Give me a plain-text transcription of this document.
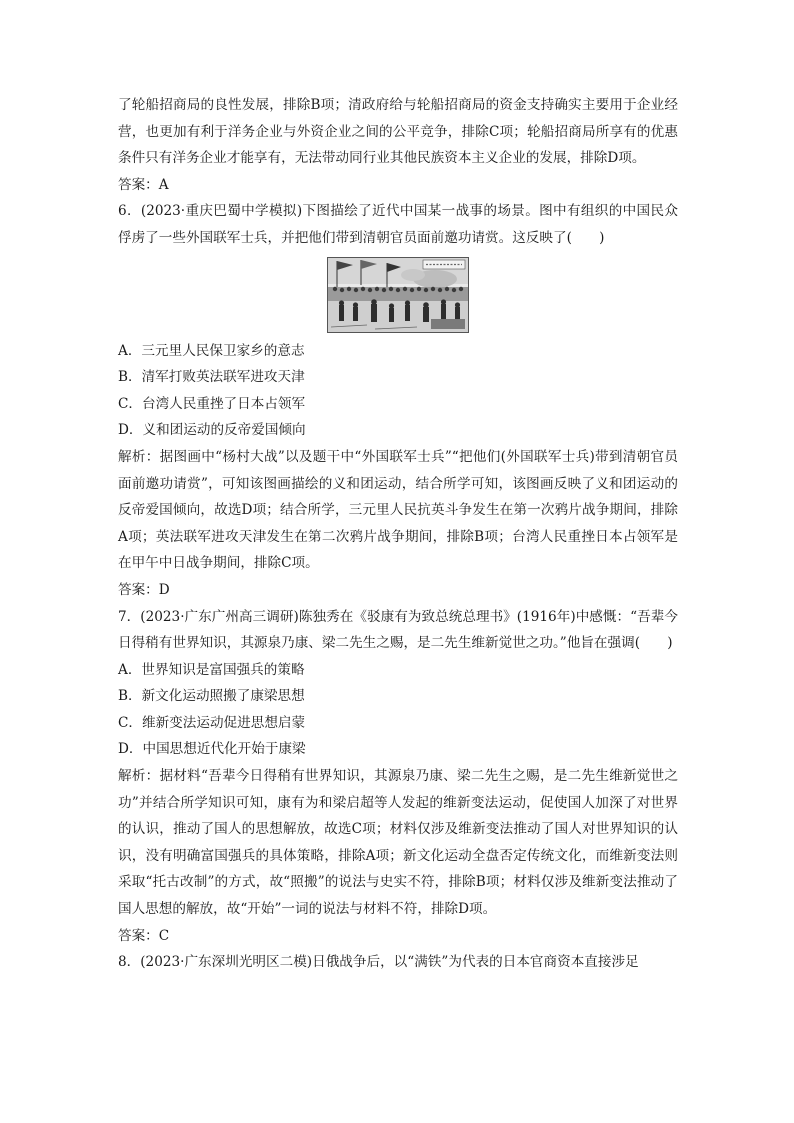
了轮船招商局的良性发展，排除B项；清政府给与轮船招商局的资金支持确实主要用于企业经营，也更加有利于洋务企业与外资企业之间的公平竞争，排除C项；轮船招商局所享有的优惠条件只有洋务企业才能享有，无法带动同行业其他民族资本主义企业的发展，排除D项。

答案：A

6．(2023·重庆巴蜀中学模拟)下图描绘了近代中国某一战事的场景。图中有组织的中国民众俘虏了一些外国联军士兵，并把他们带到清朝官员面前邀功请赏。这反映了(　　)

A．三元里人民保卫家乡的意志

B．清军打败英法联军进攻天津

C．台湾人民重挫了日本占领军

D．义和团运动的反帝爱国倾向

解析：据图画中“杨村大战”以及题干中“外国联军士兵”“把他们(外国联军士兵)带到清朝官员面前邀功请赏”，可知该图画描绘的义和团运动，结合所学可知，该图画反映了义和团运动的反帝爱国倾向，故选D项；结合所学，三元里人民抗英斗争发生在第一次鸦片战争期间，排除A项；英法联军进攻天津发生在第二次鸦片战争期间，排除B项；台湾人民重挫日本占领军是在甲午中日战争期间，排除C项。

答案：D

7．(2023·广东广州高三调研)陈独秀在《驳康有为致总统总理书》(1916年)中感慨：“吾辈今日得稍有世界知识，其源泉乃康、梁二先生之赐，是二先生维新觉世之功。”他旨在强调(　　)

A．世界知识是富国强兵的策略

B．新文化运动照搬了康梁思想

C．维新变法运动促进思想启蒙

D．中国思想近代化开始于康梁

解析：据材料“吾辈今日得稍有世界知识，其源泉乃康、梁二先生之赐，是二先生维新觉世之功”并结合所学知识可知，康有为和梁启超等人发起的维新变法运动，促使国人加深了对世界的认识，推动了国人的思想解放，故选C项；材料仅涉及维新变法推动了国人对世界知识的认识，没有明确富国强兵的具体策略，排除A项；新文化运动全盘否定传统文化，而维新变法则采取“托古改制”的方式，故“照搬”的说法与史实不符，排除B项；材料仅涉及维新变法推动了国人思想的解放，故“开始”一词的说法与材料不符，排除D项。

答案：C

8．(2023·广东深圳光明区二模)日俄战争后，以“满铁”为代表的日本官商资本直接涉足
